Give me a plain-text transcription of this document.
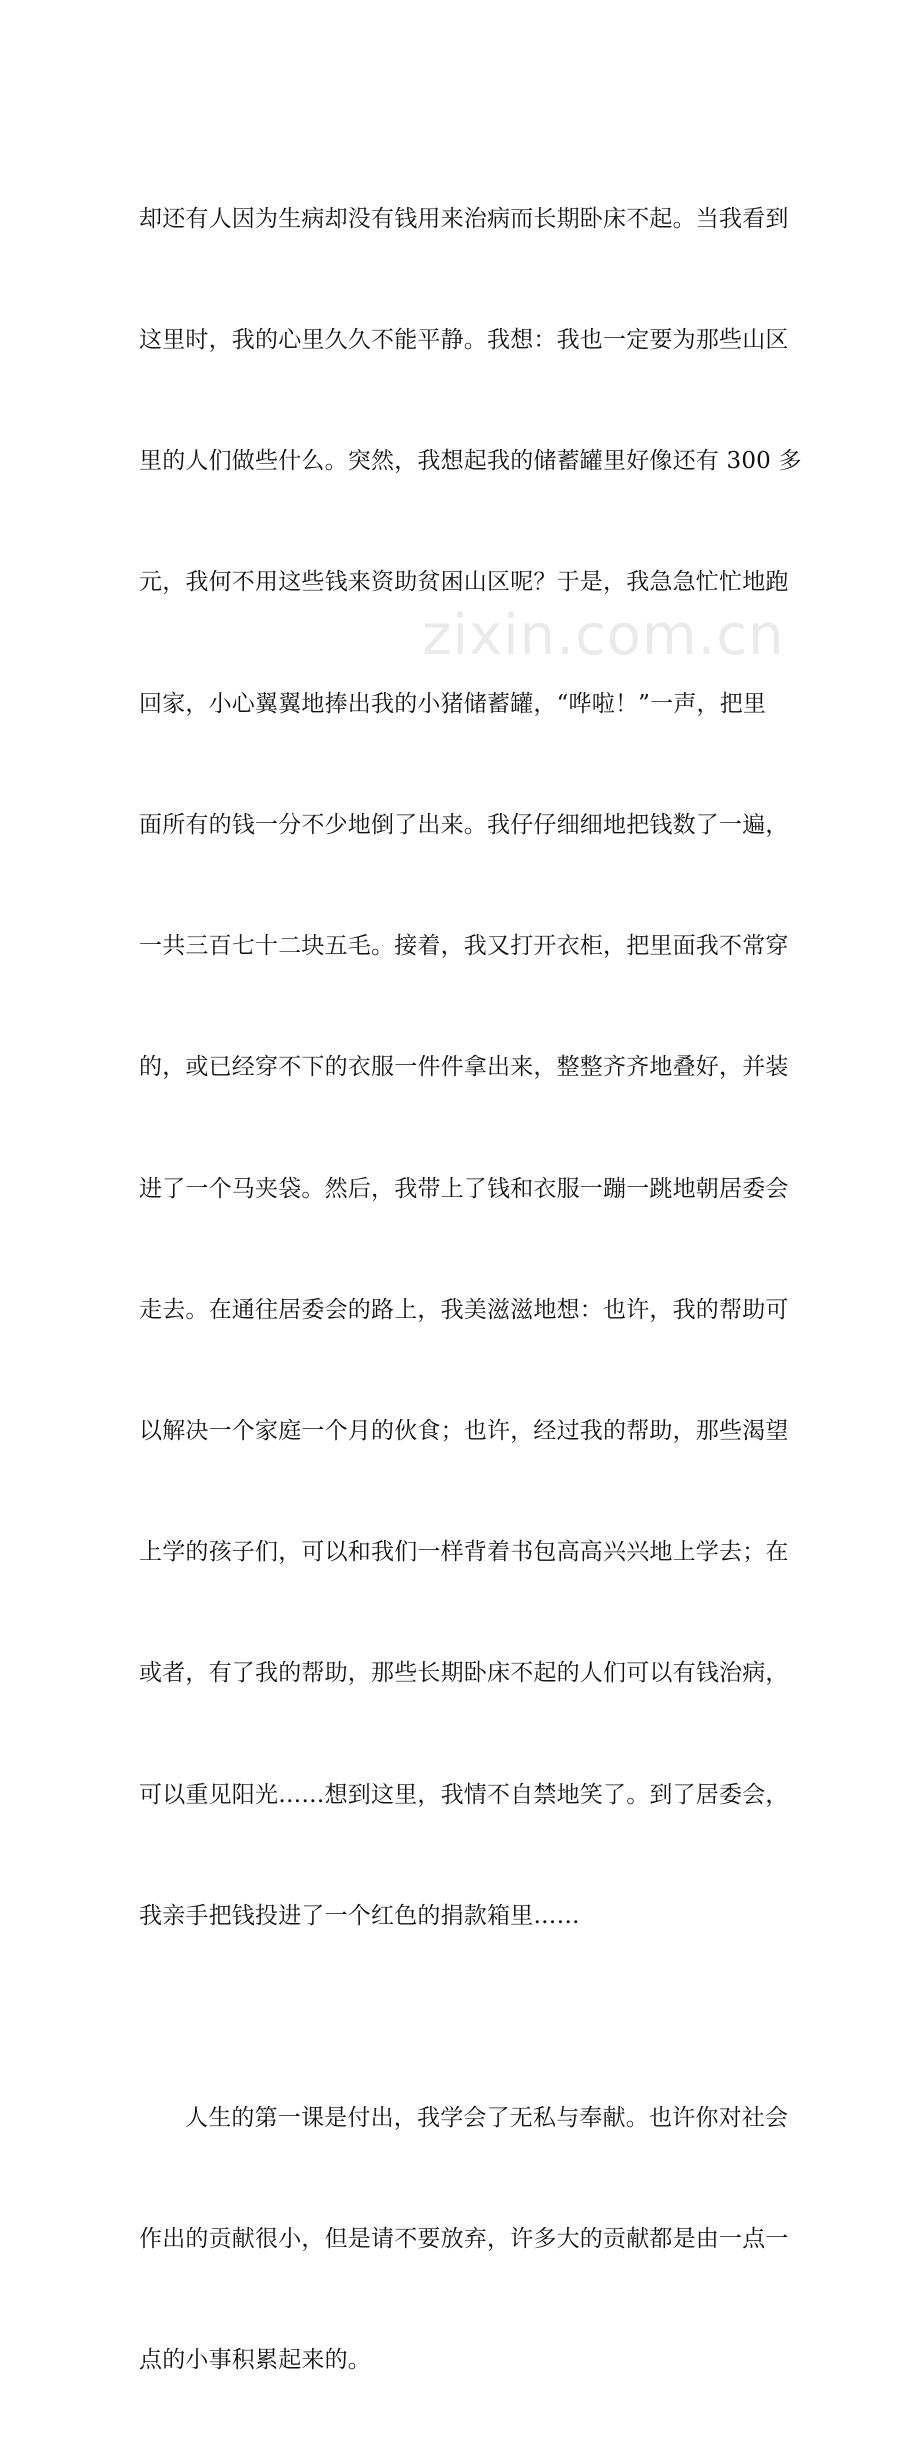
却还有人因为生病却没有钱用来治病而长期卧床不起。当我看到

这里时，我的心里久久不能平静。我想：我也一定要为那些山区

里的人们做些什么。突然，我想起我的储蓄罐里好像还有 300 多

元，我何不用这些钱来资助贫困山区呢？于是，我急急忙忙地跑

回家，小心翼翼地捧出我的小猪储蓄罐，“哗啦！”一声，把里

面所有的钱一分不少地倒了出来。我仔仔细细地把钱数了一遍，

一共三百七十二块五毛。接着，我又打开衣柜，把里面我不常穿

的，或已经穿不下的衣服一件件拿出来，整整齐齐地叠好，并装

进了一个马夹袋。然后，我带上了钱和衣服一蹦一跳地朝居委会

走去。在通往居委会的路上，我美滋滋地想：也许，我的帮助可

以解决一个家庭一个月的伙食；也许，经过我的帮助，那些渴望

上学的孩子们，可以和我们一样背着书包高高兴兴地上学去；在

或者，有了我的帮助，那些长期卧床不起的人们可以有钱治病，

可以重见阳光……想到这里，我情不自禁地笑了。到了居委会，

我亲手把钱投进了一个红色的捐款箱里……

人生的第一课是付出，我学会了无私与奉献。也许你对社会

作出的贡献很小，但是请不要放弃，许多大的贡献都是由一点一

点的小事积累起来的。

zixin.com.cn
